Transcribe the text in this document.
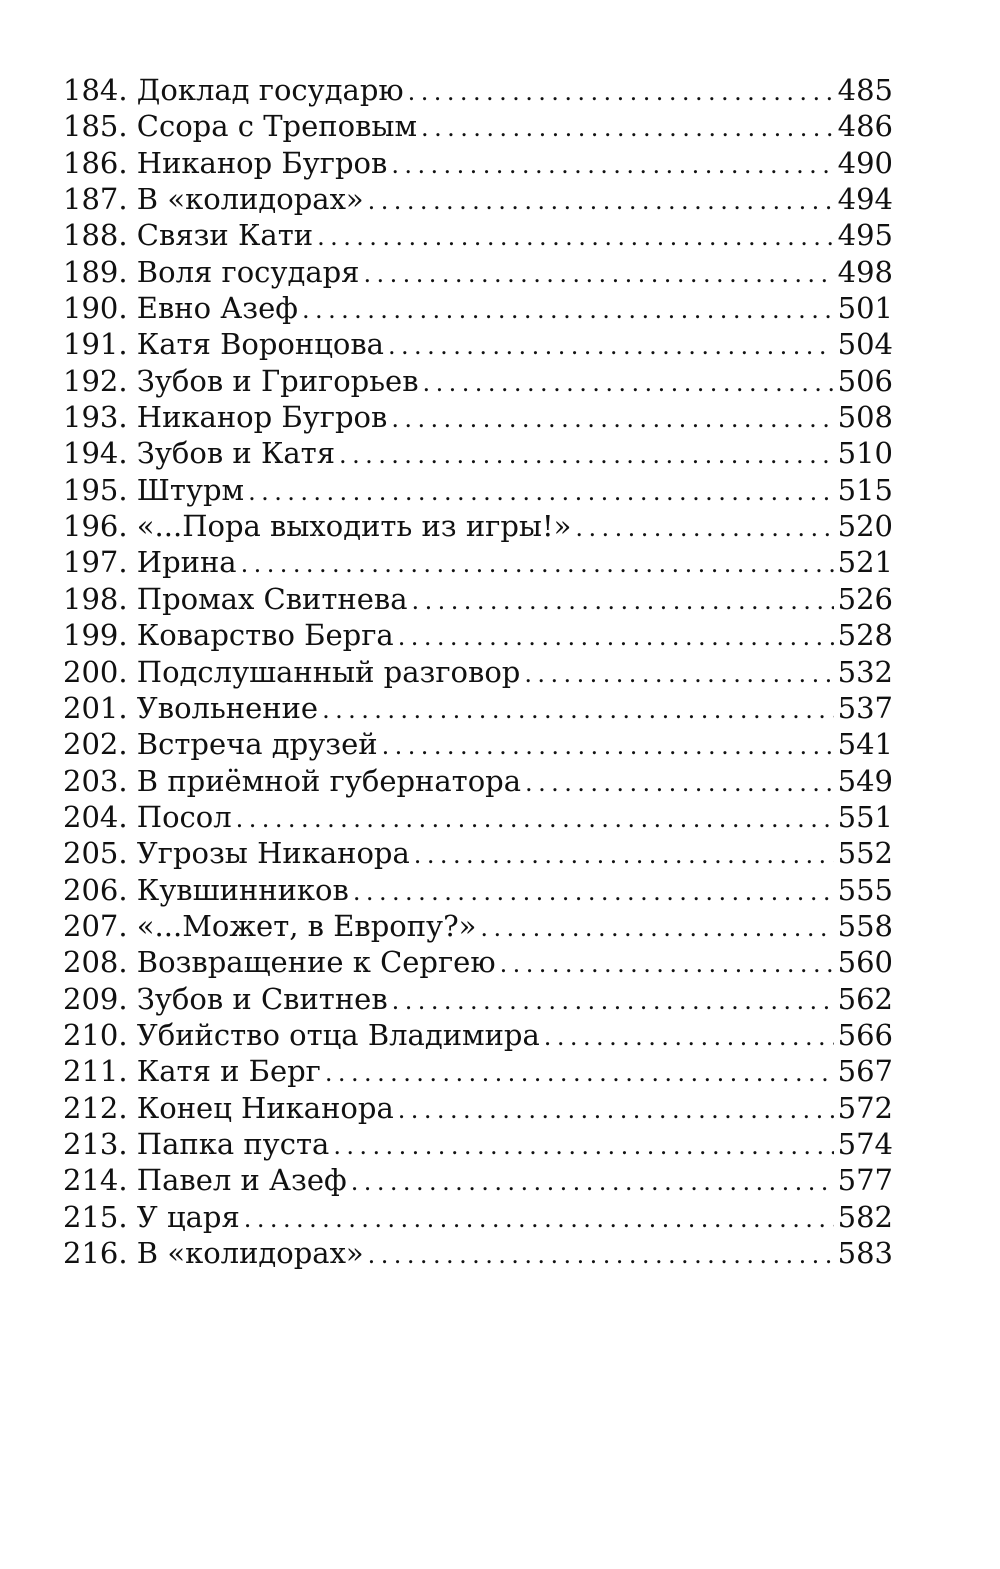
184. Доклад государю . . .	485
185. Ссора с Треповым . . .	486
186. Никанор Бугров . . .	490
187. В «колидорах» . . .	494
188. Связи Кати . . .	495
189. Воля государя . . .	498
190. Евно Азеф . . .	501
191. Катя Воронцова . . .	504
192. Зубов и Григорьев . . .	506
193. Никанор Бугров . . .	508
194. Зубов и Катя . . .	510
195. Штурм . . .	515
196. «...Пора выходить из игры!» . . .	520
197. Ирина . . .	521
198. Промах Свитнева . . .	526
199. Коварство Берга . . .	528
200. Подслушанный разговор . . .	532
201. Увольнение . . .	537
202. Встреча друзей . . .	541
203. В приёмной губернатора . . .	549
204. Посол . . .	551
205. Угрозы Никанора . . .	552
206. Кувшинников . . .	555
207. «...Может, в Европу?» . . .	558
208. Возвращение к Сергею . . .	560
209. Зубов и Свитнев . . .	562
210. Убийство отца Владимира . . .	566
211. Катя и Берг . . .	567
212. Конец Никанора . . .	572
213. Папка пуста . . .	574
214. Павел и Азеф . . .	577
215. У царя . . .	582
216. В «колидорах» . . .	583
